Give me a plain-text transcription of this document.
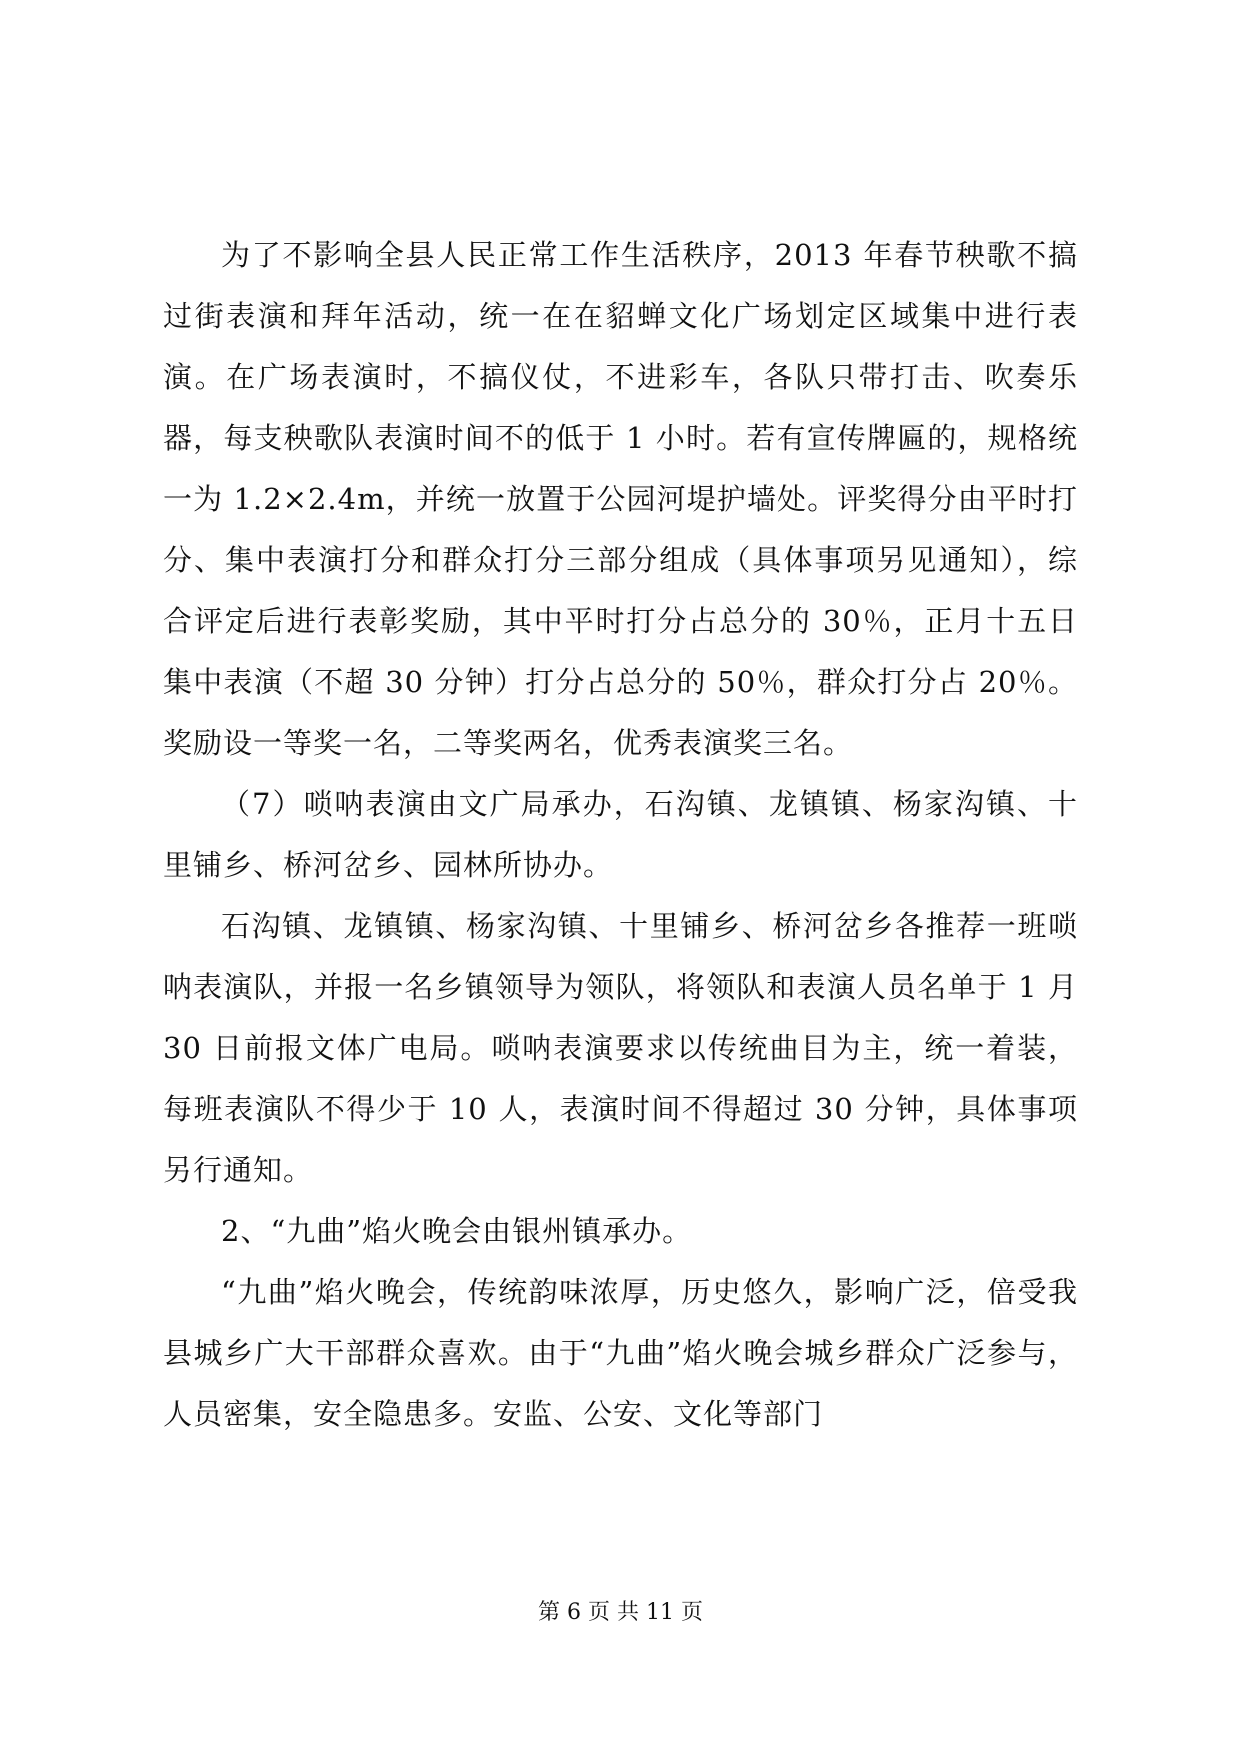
为了不影响全县人民正常工作生活秩序，2013 年春节秧歌不搞过街表演和拜年活动，统一在在貂蝉文化广场划定区域集中进行表演。在广场表演时，不搞仪仗，不进彩车，各队只带打击、吹奏乐器，每支秧歌队表演时间不的低于 1 小时。若有宣传牌匾的，规格统一为 1.2×2.4m，并统一放置于公园河堤护墙处。评奖得分由平时打分、集中表演打分和群众打分三部分组成（具体事项另见通知），综合评定后进行表彰奖励，其中平时打分占总分的 30％，正月十五日集中表演（不超 30 分钟）打分占总分的 50％，群众打分占 20％。奖励设一等奖一名，二等奖两名，优秀表演奖三名。

（7）唢呐表演由文广局承办，石沟镇、龙镇镇、杨家沟镇、十里铺乡、桥河岔乡、园林所协办。

石沟镇、龙镇镇、杨家沟镇、十里铺乡、桥河岔乡各推荐一班唢呐表演队，并报一名乡镇领导为领队，将领队和表演人员名单于 1 月 30 日前报文体广电局。唢呐表演要求以传统曲目为主，统一着装，每班表演队不得少于 10 人，表演时间不得超过 30 分钟，具体事项另行通知。

2、“九曲”焰火晚会由银州镇承办。

“九曲”焰火晚会，传统韵味浓厚，历史悠久，影响广泛，倍受我县城乡广大干部群众喜欢。由于“九曲”焰火晚会城乡群众广泛参与，人员密集，安全隐患多。安监、公安、文化等部门

第 6 页 共 11 页
